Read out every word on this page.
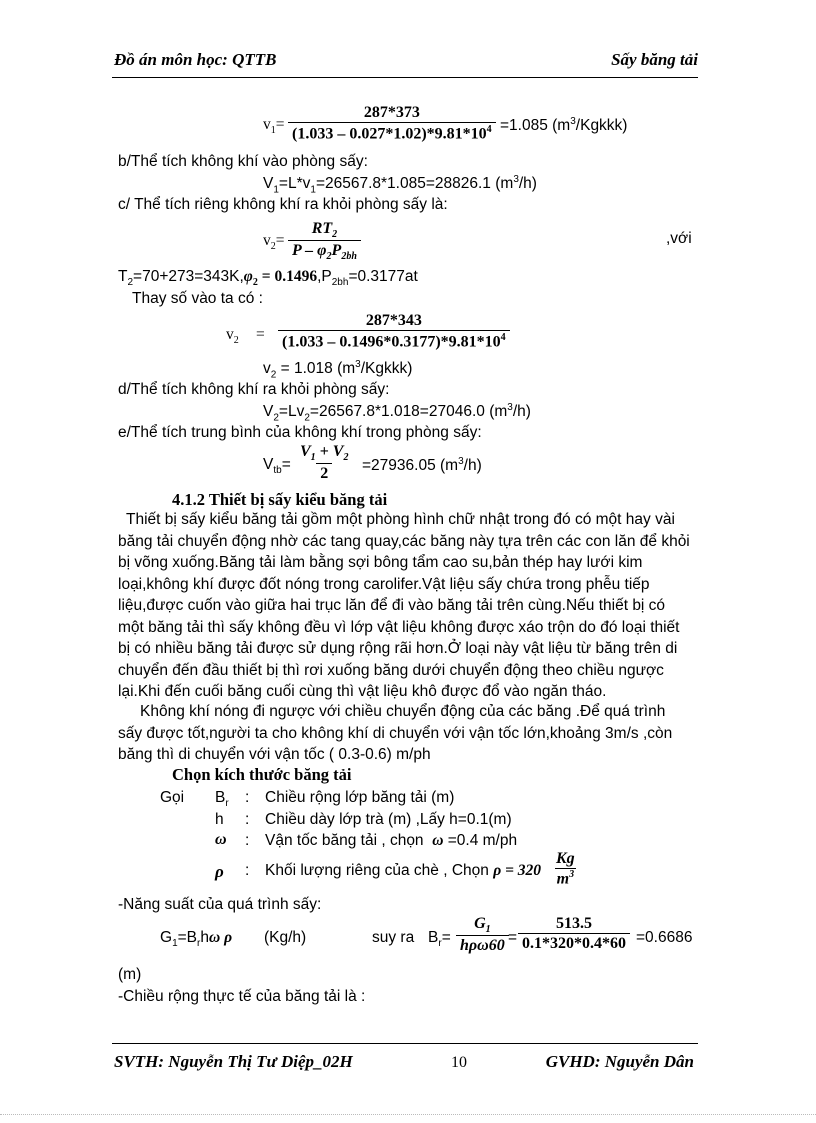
Đồ án môn học: QTTB	Sấy băng tải
$v_1= \frac{287*373}{(1.033 - 0.027*1.02)*9.81*10^4} =1.085$ $(m^3/Kgkkk)$
b/Thể tích không khí vào phòng sấy:
$V_1=L*v_1=26567.8*1.085=28826.1$ $(m^3/h)$
c/ Thể tích riêng không khí ra khỏi phòng sấy là:
$v_2= \frac{RT_2}{P - \varphi_2P_{2bh}}$	,với
$T_2=70+273=343K,\varphi_2 = 0.1496,P_{2bh}=0.3177at$
Thay số vào ta có :
$v_2 = \frac{287*343}{(1.033 - 0.1496*0.3177)*9.81*10^4}$
$v_2 = 1.018$ $(m^3/Kgkkk)$
d/Thể tích không khí ra khỏi phòng sấy:
$V_2=Lv_2=26567.8*1.018=27046.0$ $(m^3/h)$
e/Thể tích trung bình của không khí trong phòng sấy:
$V_{tb}= \frac{V_1 + V_2}{2} =27936.05$ $(m^3/h)$
4.1.2 Thiết bị sấy kiểu băng tải
Thiết bị sấy kiểu băng tải gồm một phòng hình chữ nhật trong đó có một hay vài
băng tải chuyển động nhờ các tang quay,các băng này tựa trên các con lăn để khỏi
bị võng xuống.Băng tải làm bằng sợi bông tẩm cao su,bản thép hay lưới kim
loại,không khí được đốt nóng trong carolifer.Vật liệu sấy chứa trong phễu tiếp
liệu,được cuốn vào giữa hai trục lăn để đi vào băng tải trên cùng.Nếu thiết bị có
một băng tải thì sấy không đều vì lớp vật liệu không được xáo trộn do đó loại thiết
bị có nhiều băng tải được sử dụng rộng rãi hơn.Ở loại này vật liệu từ băng trên di
chuyển đến đầu thiết bị thì rơi xuống băng dưới chuyển động theo chiều ngược
lại.Khi đến cuối băng cuối cùng thì vật liệu khô được đổ vào ngăn tháo.
Không khí nóng đi ngược với chiều chuyển động của các băng .Để quá trình
sấy được tốt,người ta cho không khí di chuyển với vận tốc lớn,khoảng 3m/s ,còn
băng thì di chuyển với vận tốc ( 0.3-0.6) m/ph
Chọn kích thước băng tải
Gọi $B_r$ : Chiều rộng lớp băng tải (m)
h : Chiều dày lớp trà (m) ,Lấy h=0.1(m)
ω : Vận tốc băng tải , chọn ω =0.4 m/ph
ρ : Khối lượng riêng của chè , Chọn $\rho = 320 \frac{Kg}{m^3}$
-Năng suất của quá trình sấy:
$G_1=B_rh\omega$ ρ (Kg/h)	suy ra $B_r=$
$G_1$
$h\rho\omega 60 = \frac{513.5}{0.1*320*0.4*60} =0.6686$
(m)
-Chiều rộng thực tế của băng tải là :
SVTH: Nguyễn Thị Tư Diệp_02H	10	GVHD: Nguyễn Dân
